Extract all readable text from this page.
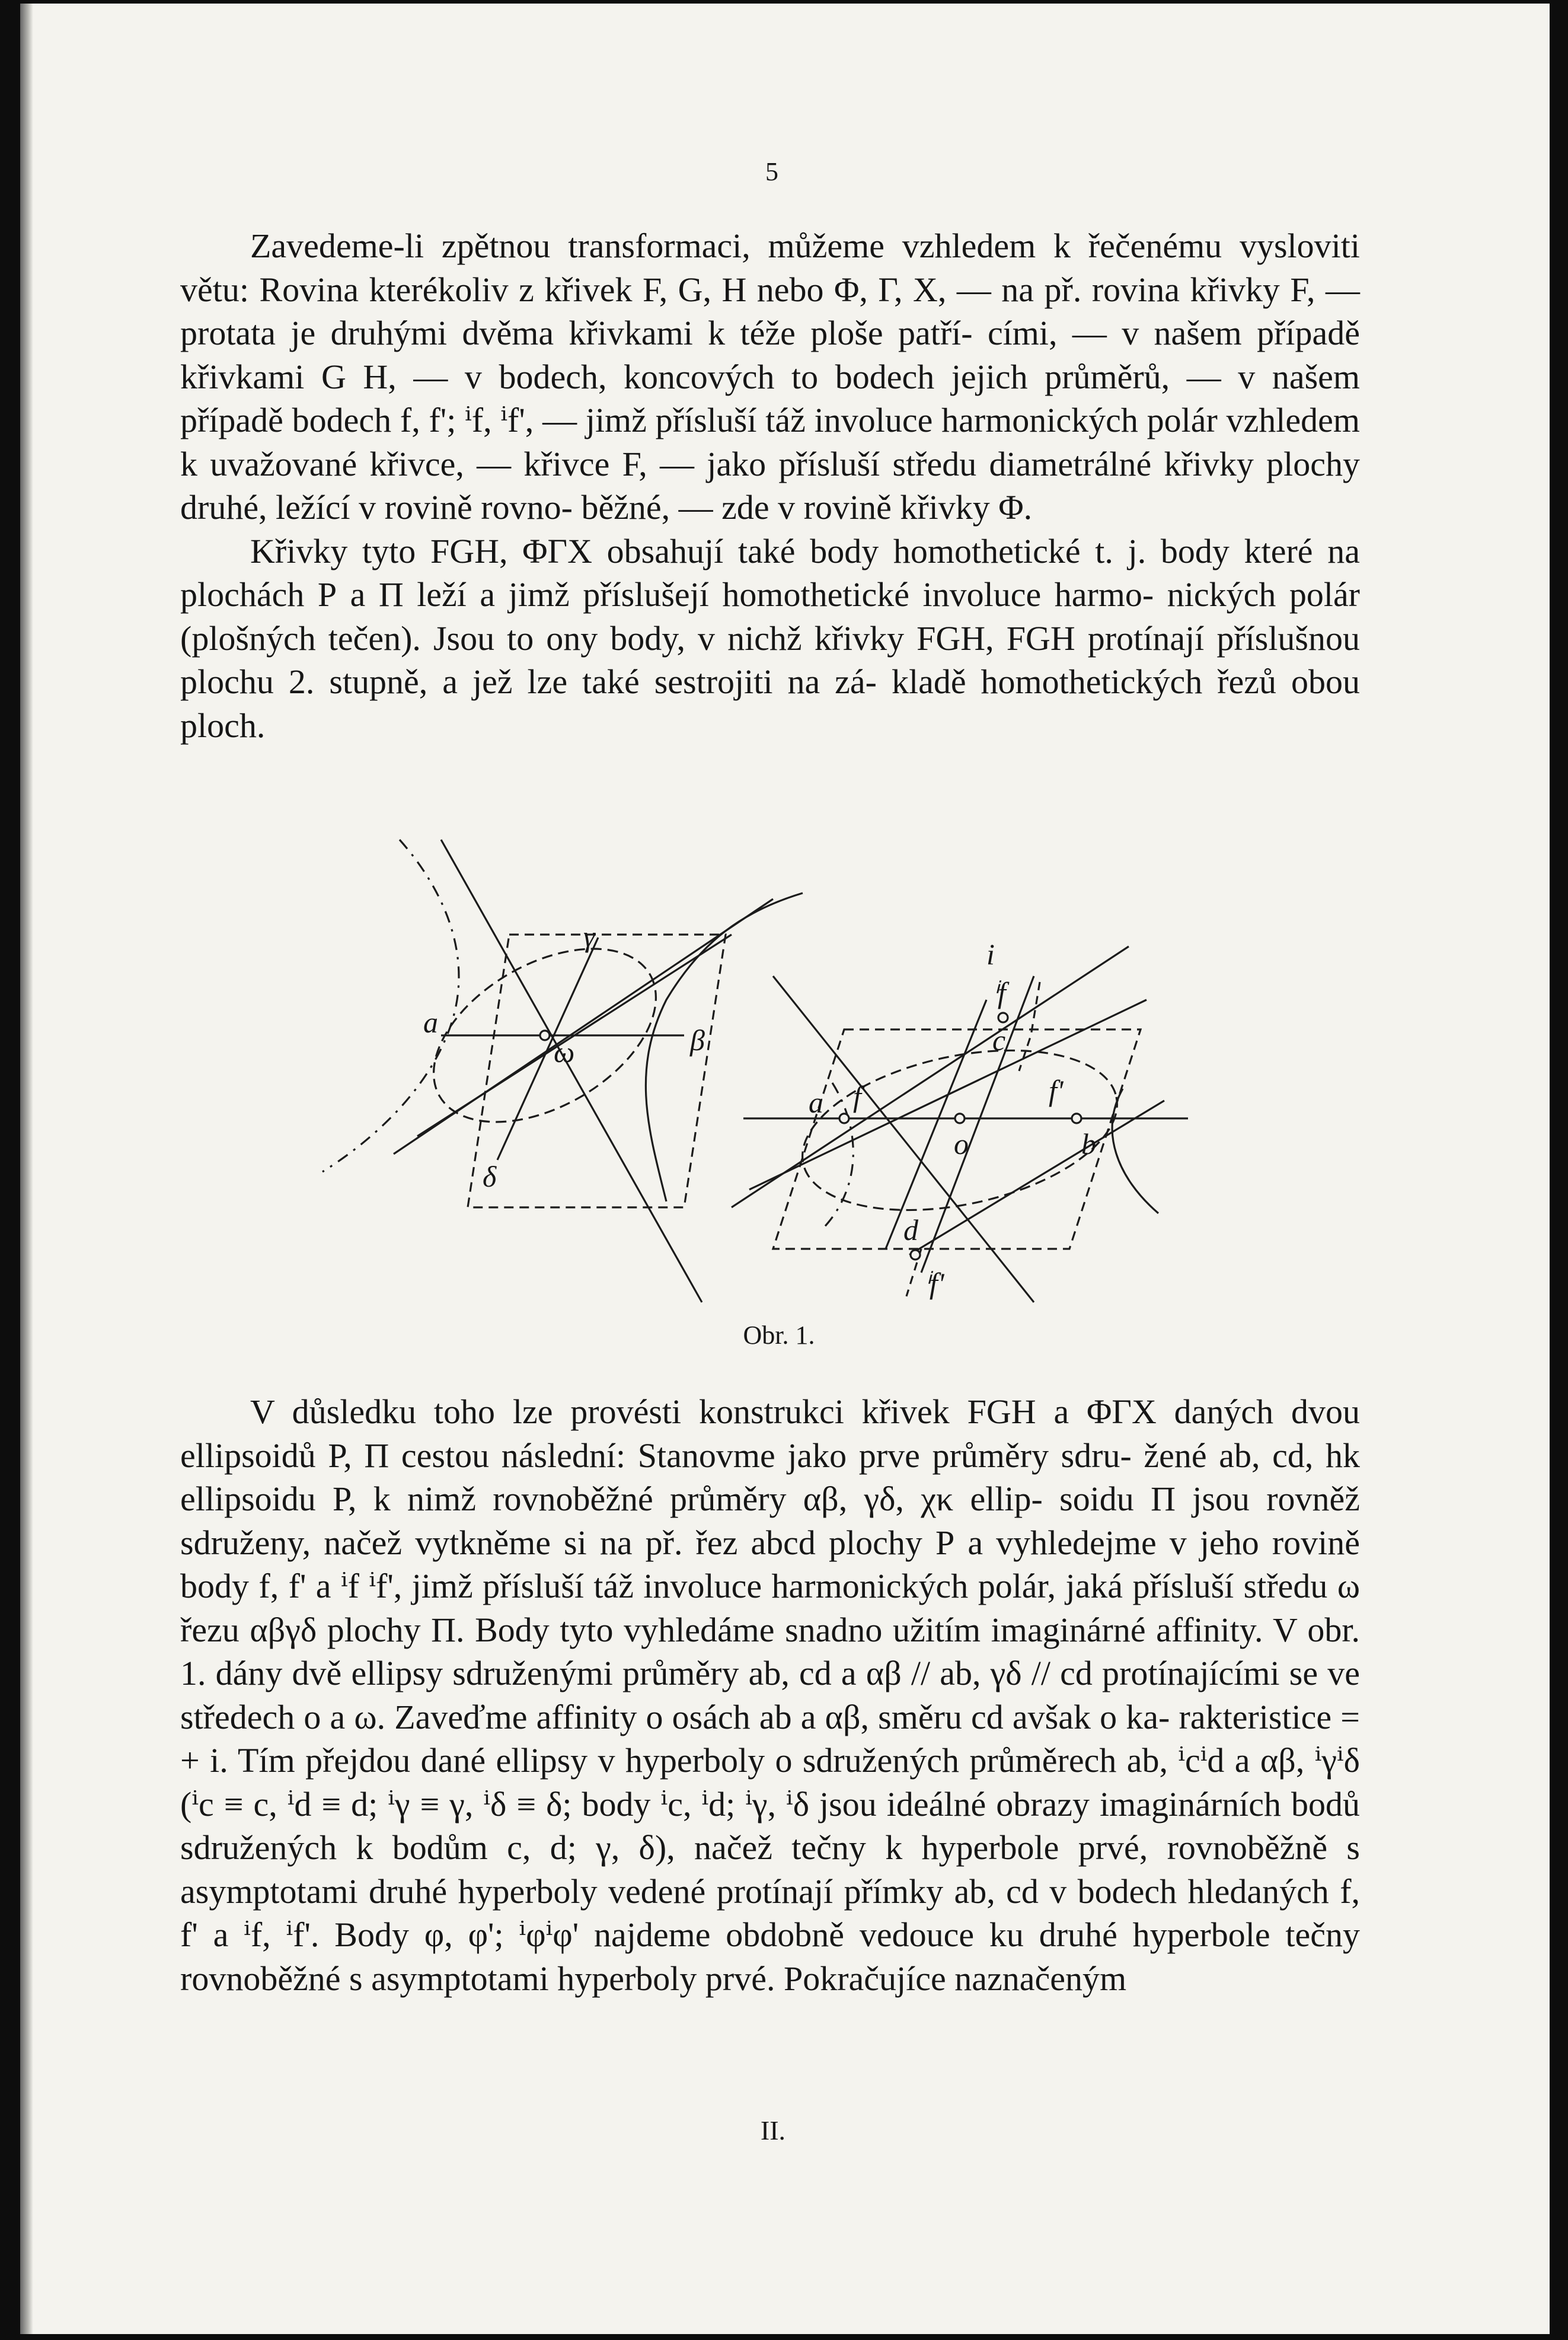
5

Zavedeme-li zpětnou transformaci, můžeme vzhledem k řečenému vysloviti větu: Rovina kterékoliv z křivek F, G, H nebo Φ, Γ, X, — na př. rovina křivky F, — protata je druhými dvěma křivkami k téže ploše patří- cími, — v našem případě křivkami G H, — v bodech, koncových to bodech jejich průměrů, — v našem případě bodech f, f'; ⁱf, ⁱf', — jimž přísluší táž involuce harmonických polár vzhledem k uvažované křivce, — křivce F, — jako přísluší středu diametrálné křivky plochy druhé, ležící v rovině rovno- běžné, — zde v rovině křivky Φ.

Křivky tyto FGH, ΦΓX obsahují také body homothetické t. j. body které na plochách Ρ a Π leží a jimž příslušejí homothetické involuce harmo- nických polár (plošných tečen). Jsou to ony body, v nichž křivky FGH, FGH protínají příslušnou plochu 2. stupně, a jež lze také sestrojiti na zá- kladě homothetických řezů obou ploch.

a
β
γ
δ
ω
a
b
c
d
o
f	f'
ⁱf
ⁱf'
i
Obr. 1.

V důsledku toho lze provésti konstrukci křivek FGH a ΦΓX daných dvou ellipsoidů Ρ, Π cestou následní: Stanovme jako prve průměry sdru- žené ab, cd, hk ellipsoidu Ρ, k nimž rovnoběžné průměry αβ, γδ, χκ ellip- soidu Π jsou rovněž sdruženy, načež vytkněme si na př. řez abcd plochy Ρ a vyhledejme v jeho rovině body f, f' a ⁱf ⁱf', jimž přísluší táž involuce harmonických polár, jaká přísluší středu ω řezu αβγδ plochy Π. Body tyto vyhledáme snadno užitím imaginárné affinity. V obr. 1. dány dvě ellipsy sdruženými průměry ab, cd a αβ // ab, γδ // cd protínajícími se ve středech o a ω. Zaveďme affinity o osách ab a αβ, směru cd avšak o ka- rakteristice = + i. Tím přejdou dané ellipsy v hyperboly o sdružených průměrech ab, ⁱcⁱd a αβ, ⁱγⁱδ (ⁱc ≡ c, ⁱd ≡ d; ⁱγ ≡ γ, ⁱδ ≡ δ; body ⁱc, ⁱd; ⁱγ, ⁱδ jsou ideálné obrazy imaginárních bodů sdružených k bodům c, d; γ, δ), načež tečny k hyperbole prvé, rovnoběžně s asymptotami druhé hyperboly vedené protínají přímky ab, cd v bodech hledaných f, f' a ⁱf, ⁱf'. Body φ, φ'; ⁱφⁱφ' najdeme obdobně vedouce ku druhé hyperbole tečny rovnoběžné s asymptotami hyperboly prvé. Pokračujíce naznačeným

II.
